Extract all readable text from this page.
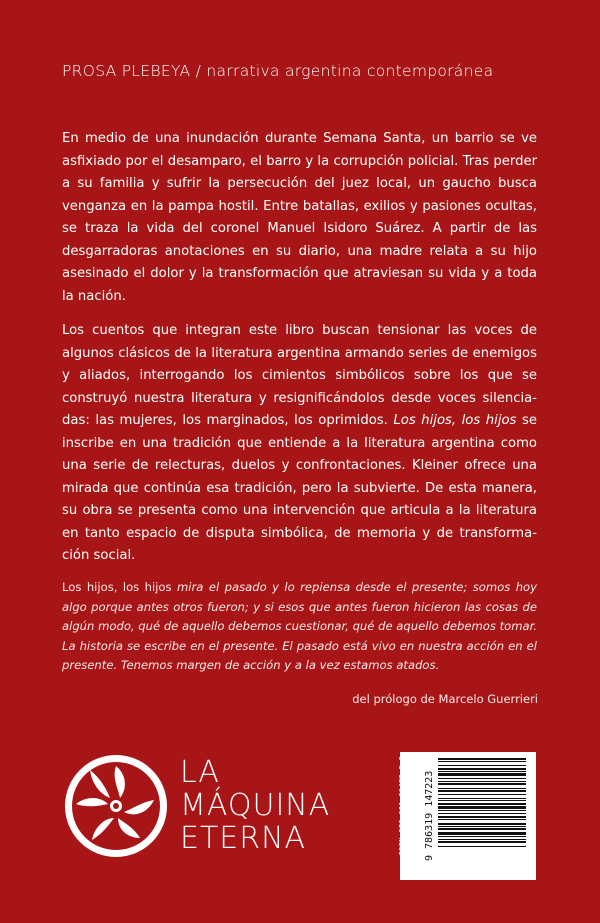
PROSA PLEBEYA / narrativa argentina contemporánea

En medio de una inundación durante Semana Santa, un barrio se ve asfixiado por el desamparo, el barro y la corrupción policial. Tras perder a su familia y sufrir la persecución del juez local, un gaucho busca venganza en la pampa hostil. Entre batallas, exilios y pasiones ocultas, se traza la vida del coronel Manuel Isidoro Suárez. A partir de las desgarradoras anotaciones en su diario, una madre relata a su hijo asesinado el dolor y la transformación que atraviesan su vida y a toda la nación.

Los cuentos que integran este libro buscan tensionar las voces de algunos clásicos de la literatura argentina armando series de enemigos y aliados, interrogando los cimientos simbólicos sobre los que se construyó nuestra literatura y resignificándolos desde voces silenciadas: las mujeres, los marginados, los oprimidos. Los hijos, los hijos se inscribe en una tradición que entiende a la literatura argentina como una serie de relecturas, duelos y confrontaciones. Kleiner ofrece una mirada que continúa esa tradición, pero la subvierte. De esta manera, su obra se presenta como una intervención que articula a la literatura en tanto espacio de disputa simbólica, de memoria y de transformación social.

Los hijos, los hijos mira el pasado y lo repiensa desde el presente; somos hoy algo porque antes otros fueron; y si esos que antes fueron hicieron las cosas de algún modo, qué de aquello debemos cuestionar, qué de aquello debemos tomar. La historia se escribe en el presente. El pasado está vivo en nuestra acción en el presente. Tenemos margen de acción y a la vez estamos atados.

del prólogo de Marcelo Guerrieri
LA
MÁQUINA
ETERNA	9 786319 147223
